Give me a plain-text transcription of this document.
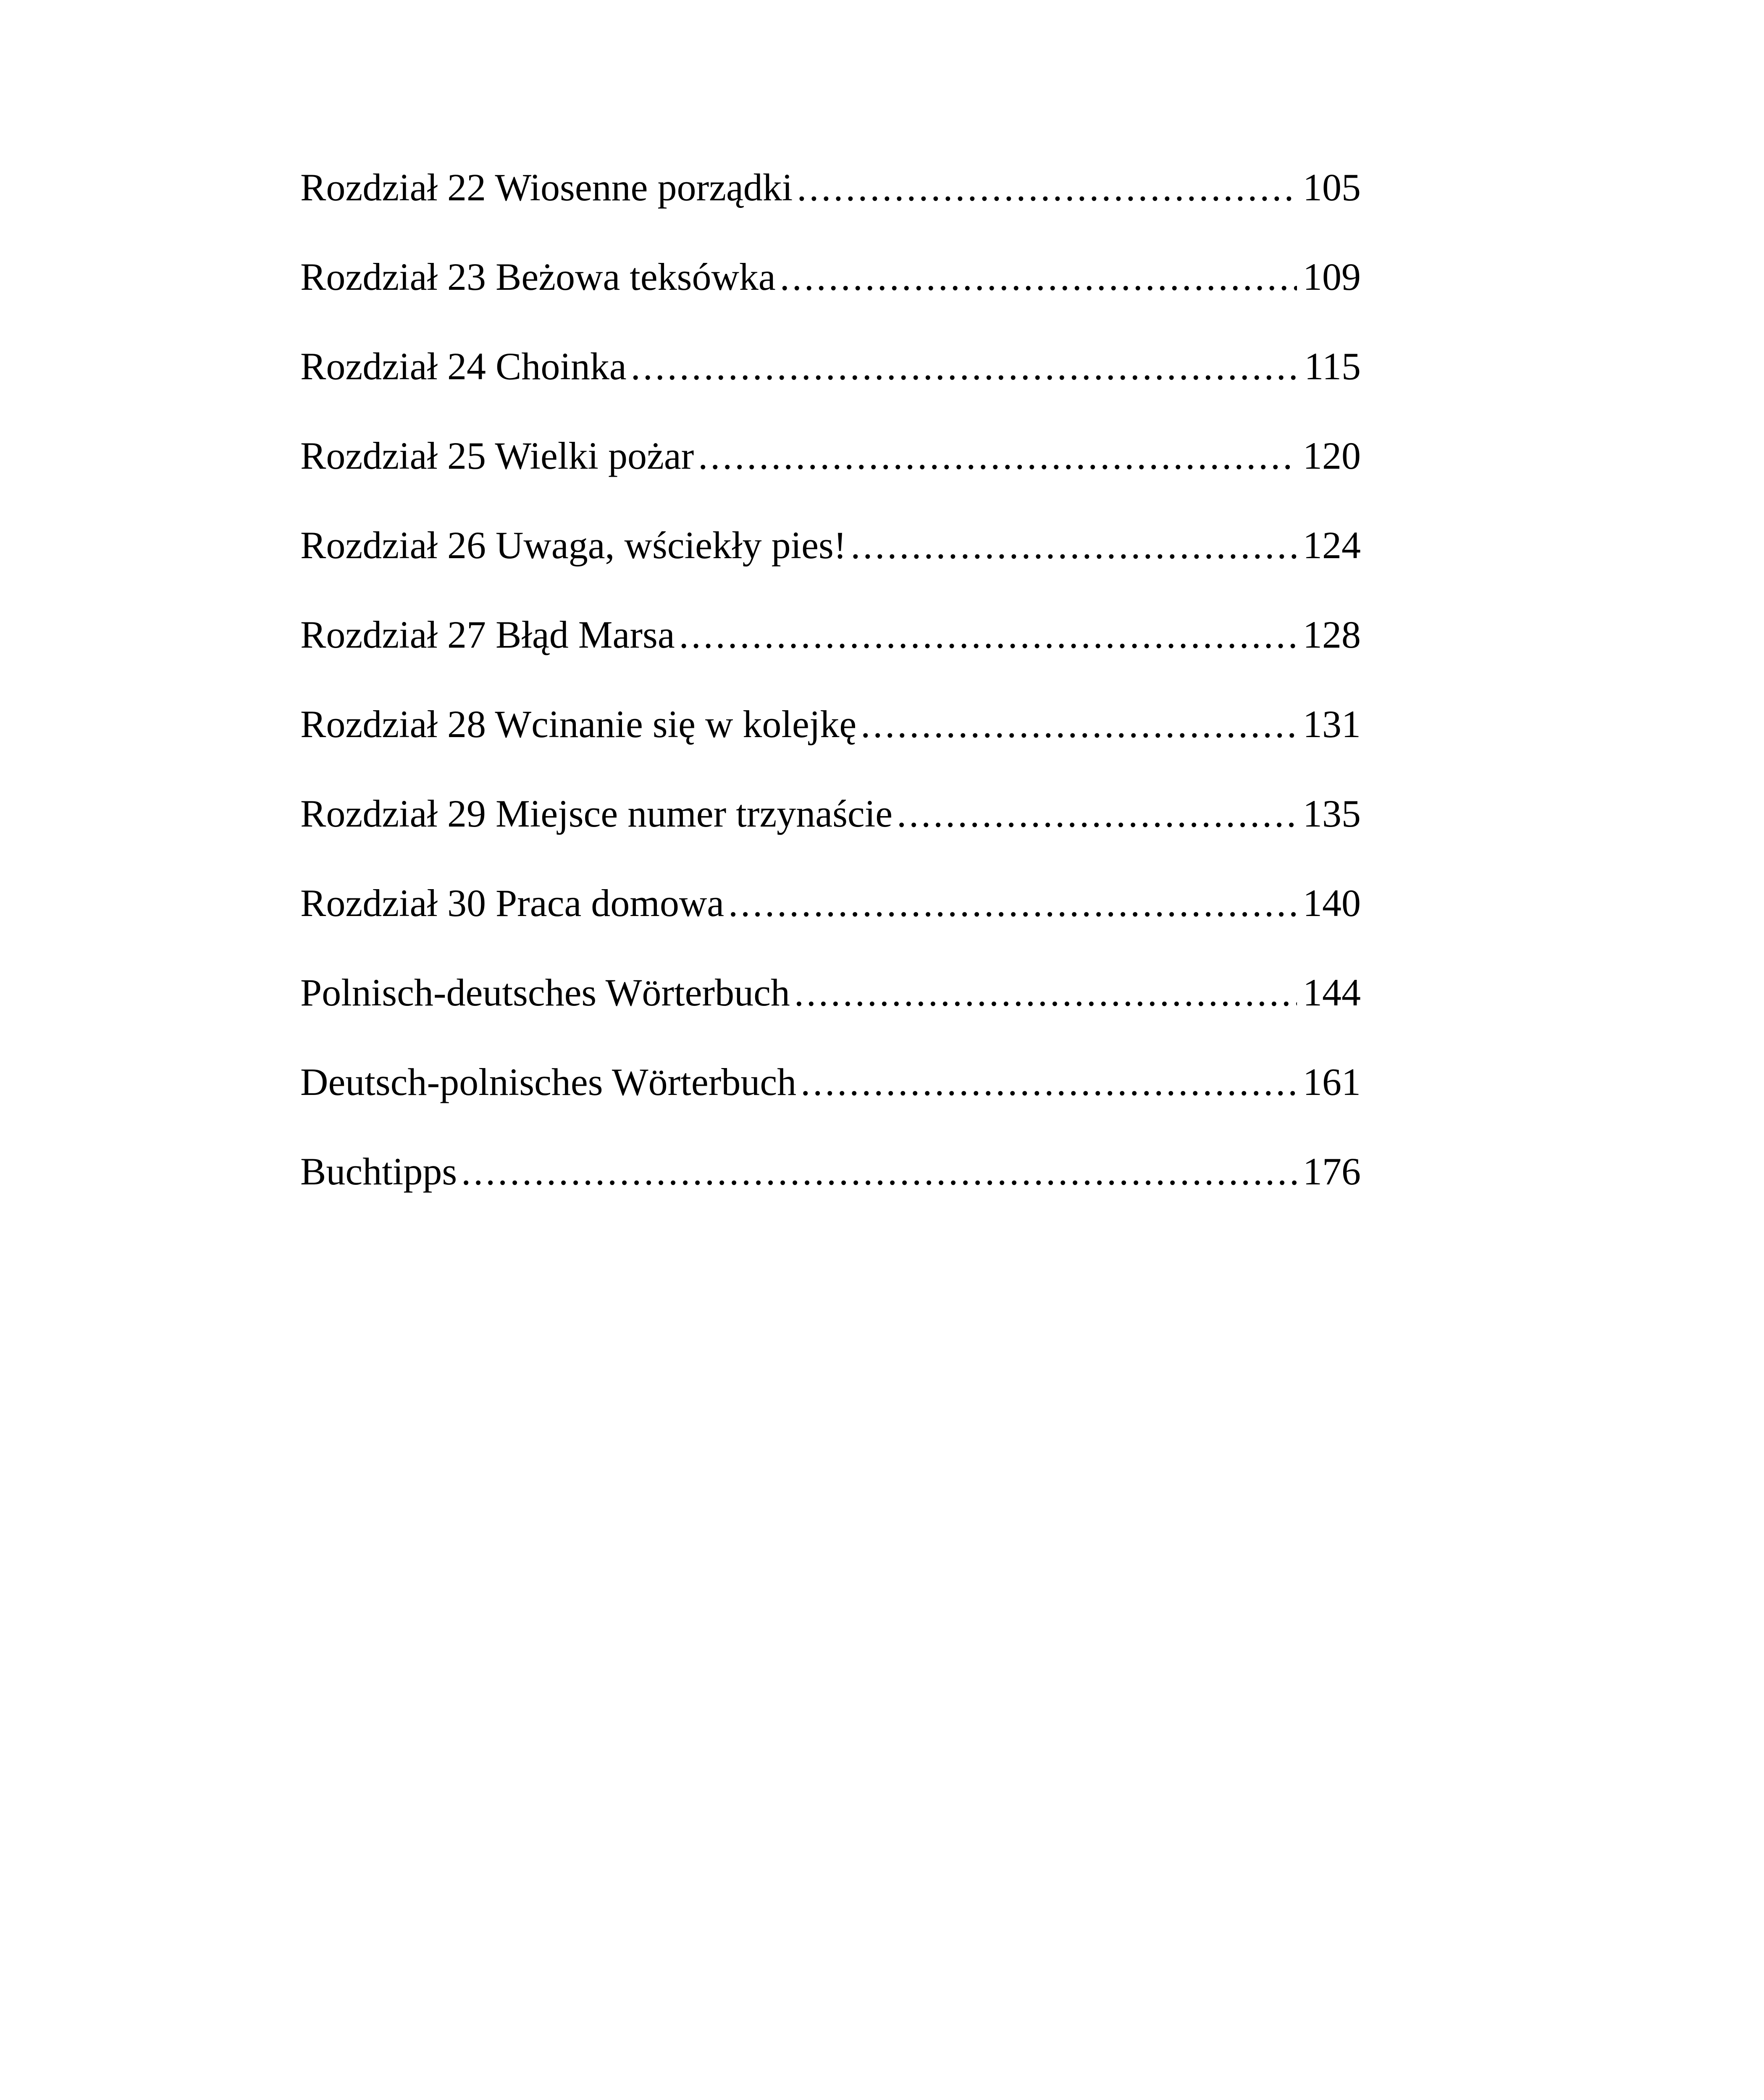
Rozdział 22 Wiosenne porządki .....	105
Rozdział 23 Beżowa teksówka .....	109
Rozdział 24 Choinka .....	115
Rozdział 25 Wielki pożar .....	120
Rozdział 26 Uwaga, wściekły pies! .....	124
Rozdział 27 Błąd Marsa .....	128
Rozdział 28 Wcinanie się w kolejkę .....	131
Rozdział 29 Miejsce numer trzynaście .....	135
Rozdział 30 Praca domowa .....	140
Polnisch-deutsches Wörterbuch .....	144
Deutsch-polnisches Wörterbuch .....	161
Buchtipps .....	176
